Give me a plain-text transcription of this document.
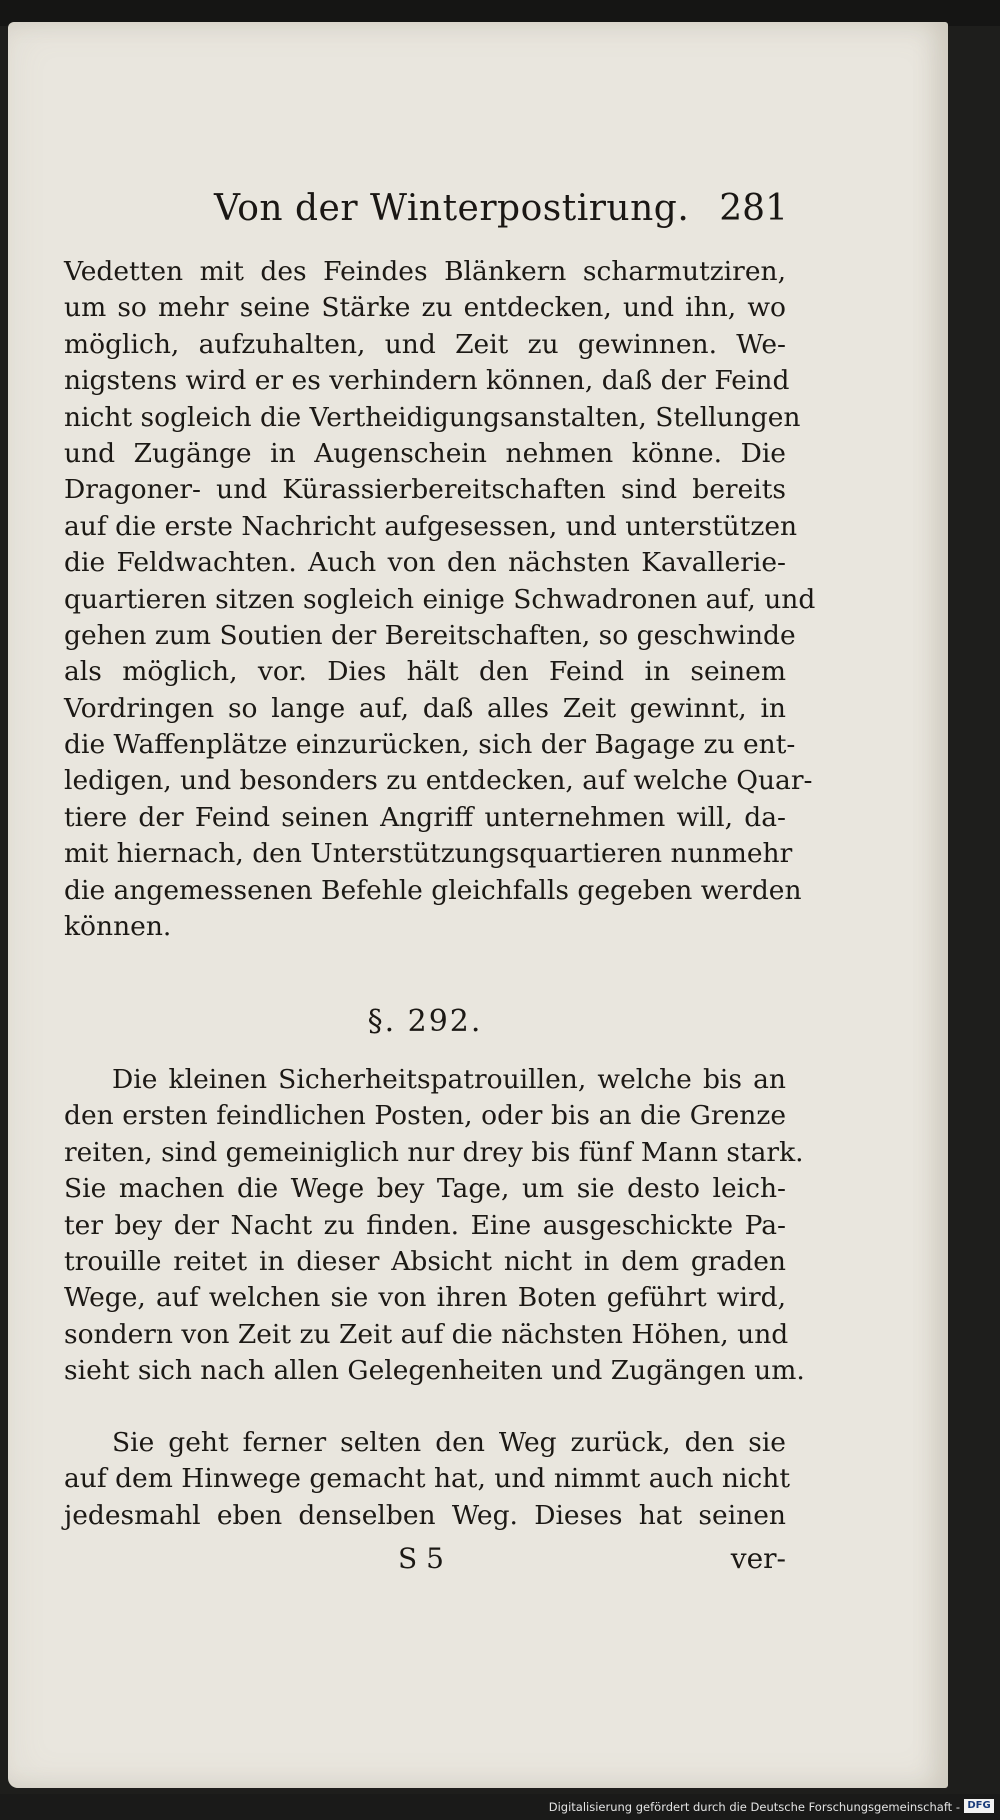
Von der Winterpostirung. 281
Vedetten mit des Feindes Blänkern scharmutziren,
um so mehr seine Stärke zu entdecken, und ihn, wo
möglich, aufzuhalten, und Zeit zu gewinnen. We-
nigstens wird er es verhindern können, daß der Feind
nicht sogleich die Vertheidigungsanstalten, Stellungen
und Zugänge in Augenschein nehmen könne. Die
Dragoner- und Kürassierbereitschaften sind bereits
auf die erste Nachricht aufgesessen, und unterstützen
die Feldwachten. Auch von den nächsten Kavallerie-
quartieren sitzen sogleich einige Schwadronen auf, und
gehen zum Soutien der Bereitschaften, so geschwinde
als möglich, vor. Dies hält den Feind in seinem
Vordringen so lange auf, daß alles Zeit gewinnt, in
die Waffenplätze einzurücken, sich der Bagage zu ent-
ledigen, und besonders zu entdecken, auf welche Quar-
tiere der Feind seinen Angriff unternehmen will, da-
mit hiernach, den Unterstützungsquartieren nunmehr
die angemessenen Befehle gleichfalls gegeben werden
können.
§. 292.
Die kleinen Sicherheitspatrouillen, welche bis an
den ersten feindlichen Posten, oder bis an die Grenze
reiten, sind gemeiniglich nur drey bis fünf Mann stark.
Sie machen die Wege bey Tage, um sie desto leich-
ter bey der Nacht zu finden. Eine ausgeschickte Pa-
trouille reitet in dieser Absicht nicht in dem graden
Wege, auf welchen sie von ihren Boten geführt wird,
sondern von Zeit zu Zeit auf die nächsten Höhen, und
sieht sich nach allen Gelegenheiten und Zugängen um.
Sie geht ferner selten den Weg zurück, den sie
auf dem Hinwege gemacht hat, und nimmt auch nicht
jedesmahl eben denselben Weg. Dieses hat seinen
S 5	ver-
Digitalisierung gefördert durch die Deutsche Forschungsgemeinschaft - DFG
